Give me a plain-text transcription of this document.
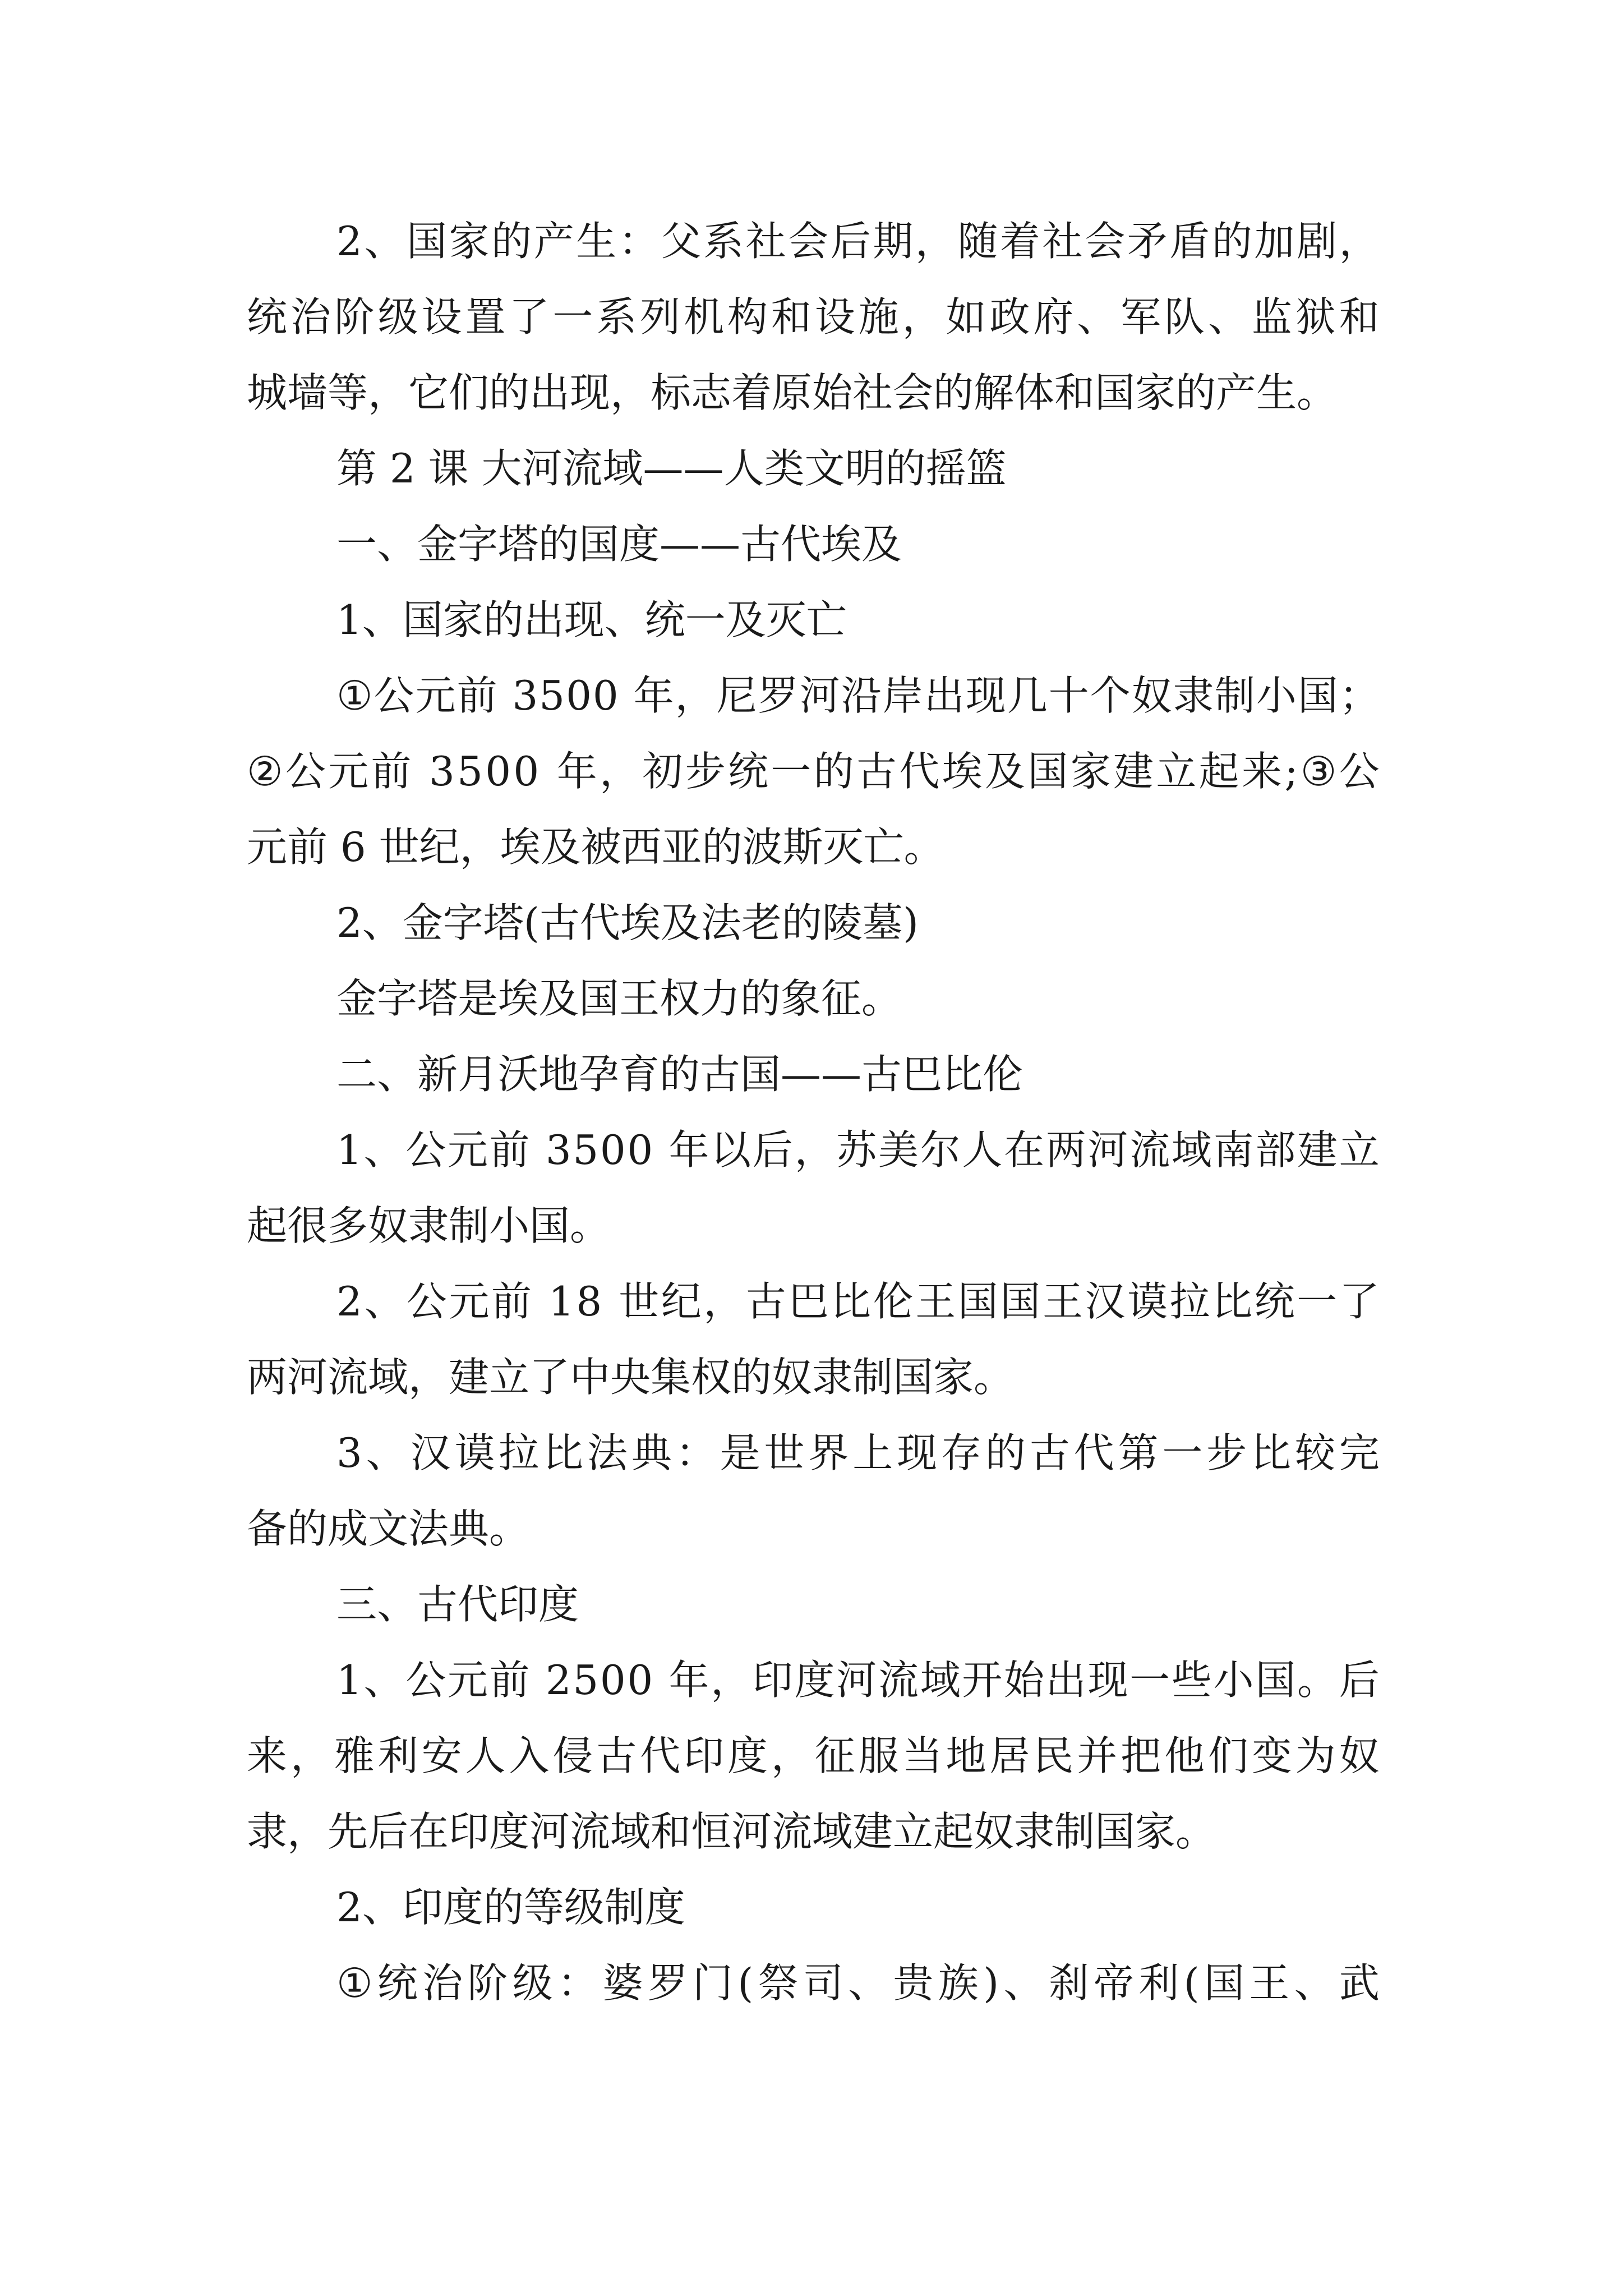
2 、 国 家 的 产 生 ： 父 系 社 会 后 期 ， 随 着 社 会 矛 盾 的 加 剧 ，

统 治 阶 级 设 置 了 一 系 列 机 构 和 设 施 ， 如 政 府 、 军 队 、 监 狱 和

城墙等，它们的出现，标志着原始社会的解体和国家的产生。

第 2 课 大河流域——人类文明的摇篮

一、金字塔的国度——古代埃及

1、国家的出现、统一及灭亡

① 公 元 前
3 5 0 0
年 ， 尼 罗 河 沿 岸 出 现 几 十 个 奴 隶 制 小 国 ；

② 公 元 前
3 5 0 0
年 ， 初 步 统 一 的 古 代 埃 及 国 家 建 立 起 来 ; ③ 公

元前 6 世纪，埃及被西亚的波斯灭亡。

2、金字塔(古代埃及法老的陵墓)

金字塔是埃及国王权力的象征。

二、新月沃地孕育的古国——古巴比伦

1 、 公 元 前
3 5 0 0
年 以 后 ， 苏 美 尔 人 在 两 河 流 域 南 部 建 立

起很多奴隶制小国。

2 、 公 元 前
1 8
世 纪 ， 古 巴 比 伦 王 国 国 王 汉 谟 拉 比 统 一 了

两河流域，建立了中央集权的奴隶制国家。

3 、 汉 谟 拉 比 法 典 ： 是 世 界 上 现 存 的 古 代 第 一 步 比 较 完

备的成文法典。

三、古代印度

1 、 公 元 前
2 5 0 0
年 ， 印 度 河 流 域 开 始 出 现 一 些 小 国 。 后

来 ， 雅 利 安 人 入 侵 古 代 印 度 ， 征 服 当 地 居 民 并 把 他 们 变 为 奴

隶，先后在印度河流域和恒河流域建立起奴隶制国家。

2、印度的等级制度

① 统 治 阶 级 ： 婆 罗 门 ( 祭 司 、 贵 族 ) 、 刹 帝 利 ( 国 王 、 武
